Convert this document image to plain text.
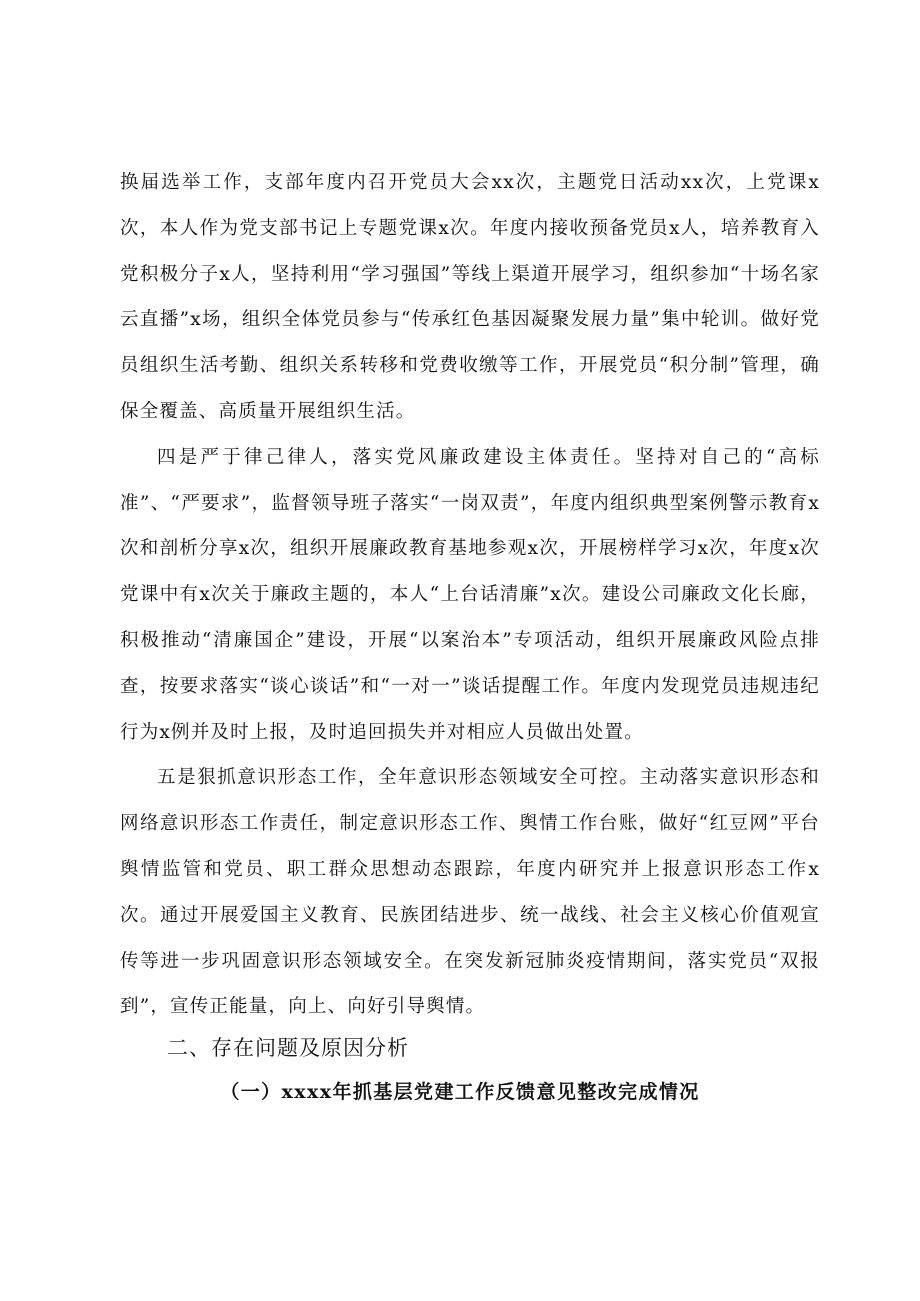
换届选举工作，支部年度内召开党员大会xx次，主题党日活动xx次，上党课x次，本人作为党支部书记上专题党课x次。年度内接收预备党员x人，培养教育入党积极分子x人，坚持利用“学习强国”等线上渠道开展学习，组织参加“十场名家云直播”x场，组织全体党员参与“传承红色基因凝聚发展力量”集中轮训。做好党员组织生活考勤、组织关系转移和党费收缴等工作，开展党员“积分制”管理，确保全覆盖、高质量开展组织生活。

四是严于律己律人，落实党风廉政建设主体责任。坚持对自己的“高标准”、“严要求”，监督领导班子落实“一岗双责”，年度内组织典型案例警示教育x次和剖析分享x次，组织开展廉政教育基地参观x次，开展榜样学习x次，年度x次党课中有x次关于廉政主题的，本人“上台话清廉”x次。建设公司廉政文化长廊，积极推动“清廉国企”建设，开展“以案治本”专项活动，组织开展廉政风险点排查，按要求落实“谈心谈话”和“一对一”谈话提醒工作。年度内发现党员违规违纪行为x例并及时上报，及时追回损失并对相应人员做出处置。

五是狠抓意识形态工作，全年意识形态领域安全可控。主动落实意识形态和网络意识形态工作责任，制定意识形态工作、舆情工作台账，做好“红豆网”平台舆情监管和党员、职工群众思想动态跟踪，年度内研究并上报意识形态工作x次。通过开展爱国主义教育、民族团结进步、统一战线、社会主义核心价值观宣传等进一步巩固意识形态领域安全。在突发新冠肺炎疫情期间，落实党员“双报到”，宣传正能量，向上、向好引导舆情。

二、存在问题及原因分析
（一）xxxx年抓基层党建工作反馈意见整改完成情况
